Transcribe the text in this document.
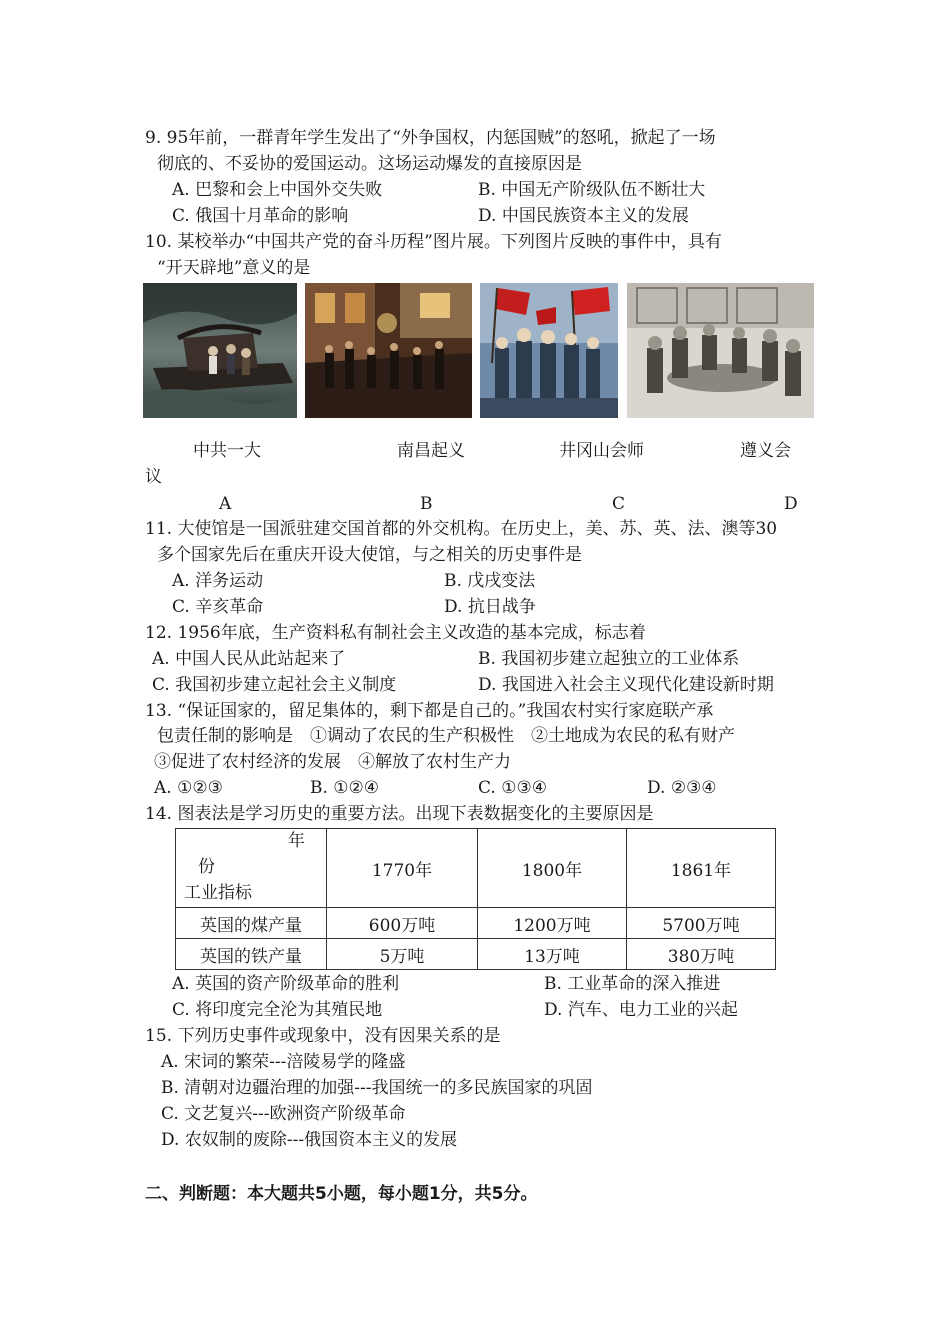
9. 95年前，一群青年学生发出了“外争国权，内惩国贼”的怒吼，掀起了一场
彻底的、不妥协的爱国运动。这场运动爆发的直接原因是
A. 巴黎和会上中国外交失败	B. 中国无产阶级队伍不断壮大
C. 俄国十月革命的影响	D. 中国民族资本主义的发展
10. 某校举办“中国共产党的奋斗历程”图片展。下列图片反映的事件中，具有
“开天辟地”意义的是
中共一大	南昌起义	井冈山会师	遵义会
议
A	B	C	D
11. 大使馆是一国派驻建交国首都的外交机构。在历史上，美、苏、英、法、澳等30
多个国家先后在重庆开设大使馆，与之相关的历史事件是
A. 洋务运动	B. 戊戌变法
C. 辛亥革命	D. 抗日战争
12. 1956年底，生产资料私有制社会主义改造的基本完成，标志着
A. 中国人民从此站起来了	B. 我国初步建立起独立的工业体系
C. 我国初步建立起社会主义制度	D. 我国进入社会主义现代化建设新时期
13. “保证国家的，留足集体的，剩下都是自己的。”我国农村实行家庭联产承
包责任制的影响是　①调动了农民的生产积极性　②土地成为农民的私有财产
③促进了农村经济的发展　④解放了农村生产力
A. ①②③	B. ①②④	C. ①③④	D. ②③④
14. 图表法是学习历史的重要方法。出现下表数据变化的主要原因是
年
份
工业指标	1770年	1800年	1861年
英国的煤产量	600万吨	1200万吨	5700万吨
英国的铁产量	5万吨	13万吨	380万吨
A. 英国的资产阶级革命的胜利	B. 工业革命的深入推进
C. 将印度完全沦为其殖民地	D. 汽车、电力工业的兴起
15. 下列历史事件或现象中，没有因果关系的是
A. 宋词的繁荣---涪陵易学的隆盛
B. 清朝对边疆治理的加强---我国统一的多民族国家的巩固
C. 文艺复兴---欧洲资产阶级革命
D. 农奴制的废除---俄国资本主义的发展
二、判断题：本大题共5小题，每小题1分，共5分。
